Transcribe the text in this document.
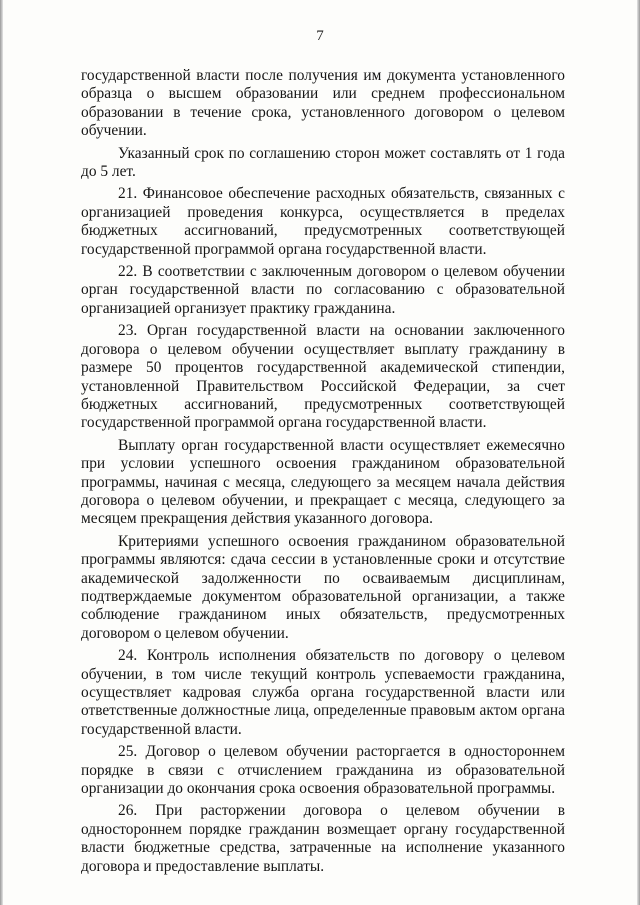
7

государственной власти после получения им документа установленного образца о высшем образовании или среднем профессиональном образовании в течение срока, установленного договором о целевом обучении.

Указанный срок по соглашению сторон может составлять от 1 года до 5 лет.

21. Финансовое обеспечение расходных обязательств, связанных с организацией проведения конкурса, осуществляется в пределах бюджетных ассигнований, предусмотренных соответствующей государственной программой органа государственной власти.

22. В соответствии с заключенным договором о целевом обучении орган государственной власти по согласованию с образовательной организацией организует практику гражданина.

23. Орган государственной власти на основании заключенного договора о целевом обучении осуществляет выплату гражданину в размере 50 процентов государственной академической стипендии, установленной Правительством Российской Федерации, за счет бюджетных ассигнований, предусмотренных соответствующей государственной программой органа государственной власти.

Выплату орган государственной власти осуществляет ежемесячно при условии успешного освоения гражданином образовательной программы, начиная с месяца, следующего за месяцем начала действия договора о целевом обучении, и прекращает с месяца, следующего за месяцем прекращения действия указанного договора.

Критериями успешного освоения гражданином образовательной программы являются: сдача сессии в установленные сроки и отсутствие академической задолженности по осваиваемым дисциплинам, подтверждаемые документом образовательной организации, а также соблюдение гражданином иных обязательств, предусмотренных договором о целевом обучении.

24. Контроль исполнения обязательств по договору о целевом обучении, в том числе текущий контроль успеваемости гражданина, осуществляет кадровая служба органа государственной власти или ответственные должностные лица, определенные правовым актом органа государственной власти.

25. Договор о целевом обучении расторгается в одностороннем порядке в связи с отчислением гражданина из образовательной организации до окончания срока освоения образовательной программы.

26. При расторжении договора о целевом обучении в одностороннем порядке гражданин возмещает органу государственной власти бюджетные средства, затраченные на исполнение указанного договора и предоставление выплаты.
